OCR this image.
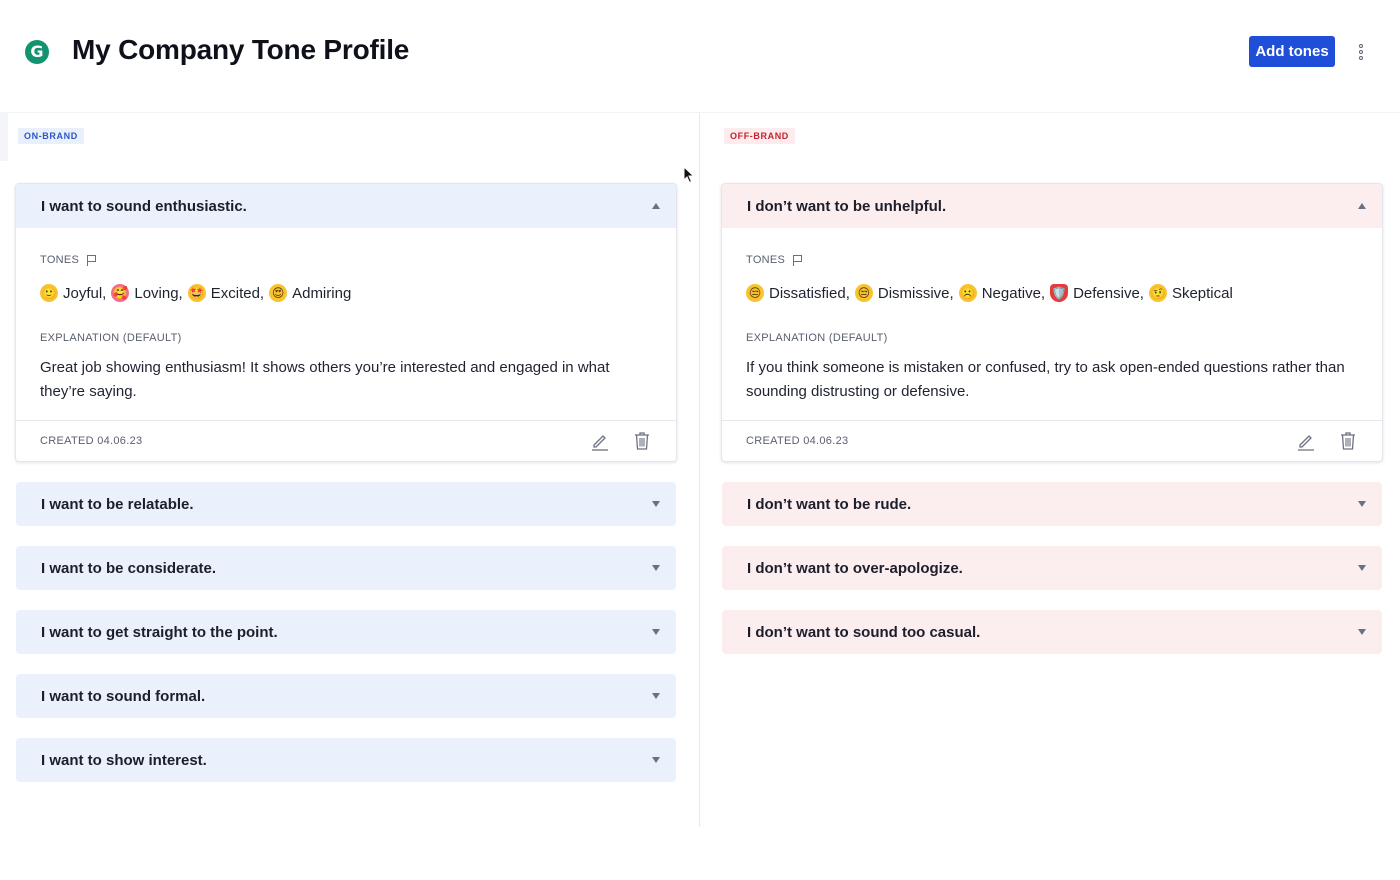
G My Company Tone Profile	Add tones
ON-BRAND	OFF-BRAND
I want to sound enthusiastic.
TONES
🙂 Joyful, 🥰 Loving, 🤩 Excited, 😍 Admiring
EXPLANATION (DEFAULT)
Great job showing enthusiasm! It shows others you’re interested and engaged in what they’re saying.
CREATED 04.06.23
I want to be relatable.
I want to be considerate.
I want to get straight to the point.
I want to sound formal.
I want to show interest.
I don’t want to be unhelpful.
TONES
😒 Dissatisfied, 😒 Dismissive, ☹️ Negative, 🛡️ Defensive, 🤨 Skeptical
EXPLANATION (DEFAULT)
If you think someone is mistaken or confused, try to ask open-ended questions rather than sounding distrusting or defensive.
CREATED 04.06.23
I don’t want to be rude.
I don’t want to over-apologize.
I don’t want to sound too casual.
